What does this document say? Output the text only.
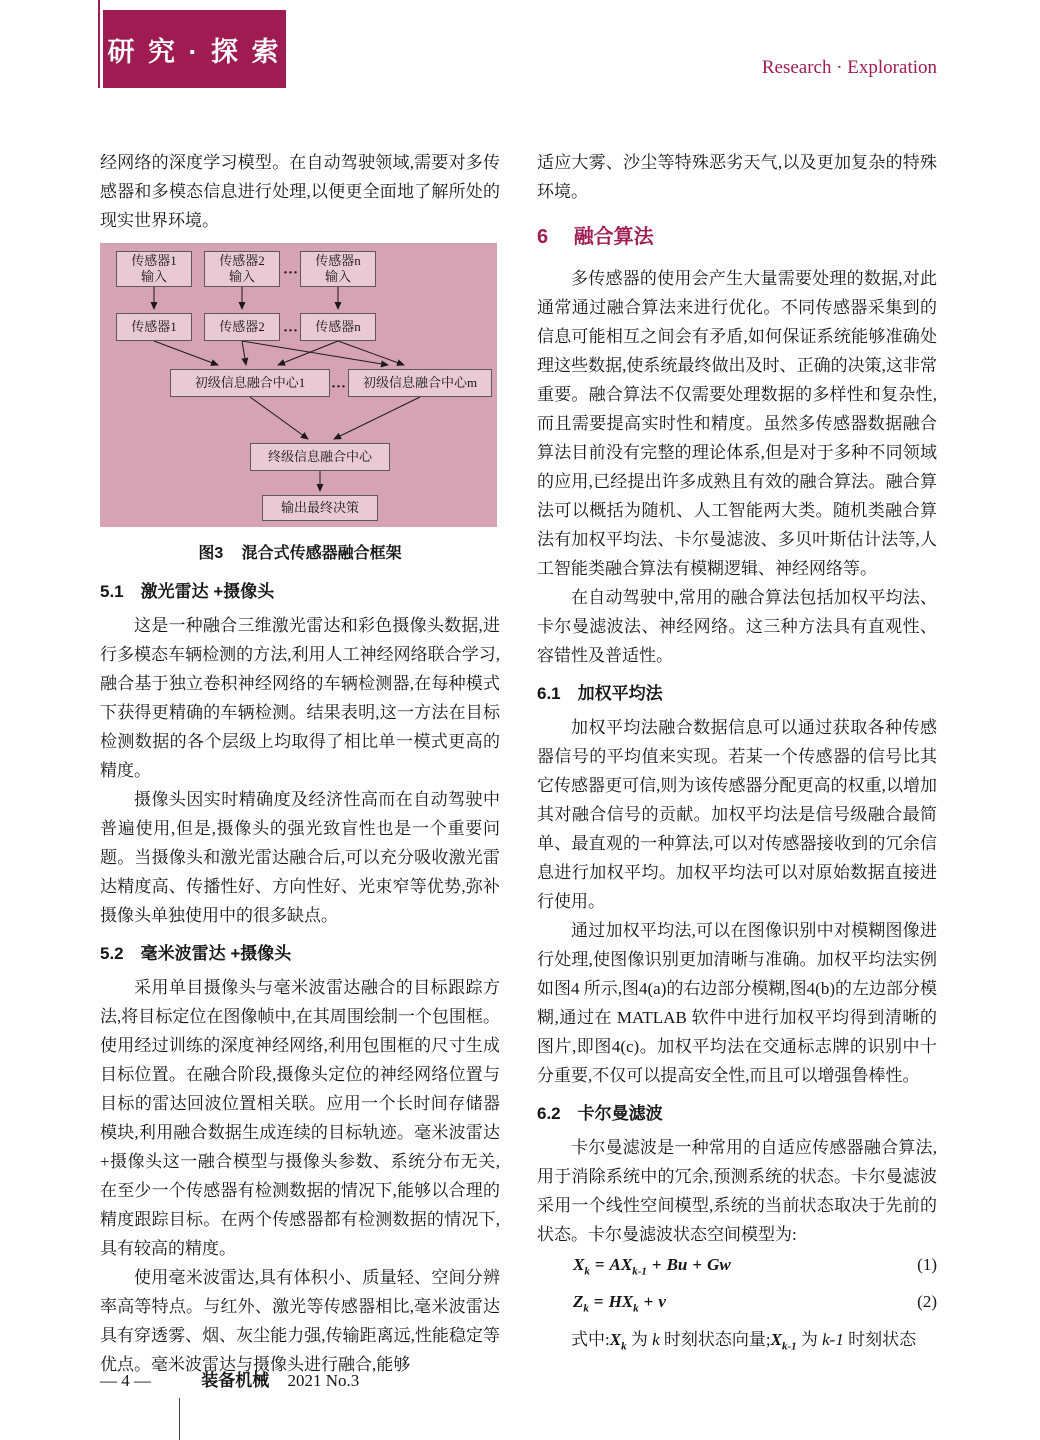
研 究 · 探 索
Research · Exploration

经网络的深度学习模型。在自动驾驶领域,需要对多传感器和多模态信息进行处理,以便更全面地了解所处的现实世界环境。

传感器1
输入
传感器2
输入 ···
传感器n
输入
传感器1	传感器2	···	传感器n
初级信息融合中心1	···	初级信息融合中心m
终级信息融合中心
输出最终决策
图3 混合式传感器融合框架
5.1　激光雷达 +摄像头

这是一种融合三维激光雷达和彩色摄像头数据,进行多模态车辆检测的方法,利用人工神经网络联合学习,融合基于独立卷积神经网络的车辆检测器,在每种模式下获得更精确的车辆检测。结果表明,这一方法在目标检测数据的各个层级上均取得了相比单一模式更高的精度。

摄像头因实时精确度及经济性高而在自动驾驶中普遍使用,但是,摄像头的强光致盲性也是一个重要问题。当摄像头和激光雷达融合后,可以充分吸收激光雷达精度高、传播性好、方向性好、光束窄等优势,弥补摄像头单独使用中的很多缺点。

5.2　毫米波雷达 +摄像头

采用单目摄像头与毫米波雷达融合的目标跟踪方法,将目标定位在图像帧中,在其周围绘制一个包围框。使用经过训练的深度神经网络,利用包围框的尺寸生成目标位置。在融合阶段,摄像头定位的神经网络位置与目标的雷达回波位置相关联。应用一个长时间存储器模块,利用融合数据生成连续的目标轨迹。毫米波雷达 +摄像头这一融合模型与摄像头参数、系统分布无关,在至少一个传感器有检测数据的情况下,能够以合理的精度跟踪目标。在两个传感器都有检测数据的情况下,具有较高的精度。

使用毫米波雷达,具有体积小、质量轻、空间分辨率高等特点。与红外、激光等传感器相比,毫米波雷达具有穿透雾、烟、灰尘能力强,传输距离远,性能稳定等优点。毫米波雷达与摄像头进行融合,能够

适应大雾、沙尘等特殊恶劣天气,以及更加复杂的特殊环境。

6 融合算法

多传感器的使用会产生大量需要处理的数据,对此通常通过融合算法来进行优化。不同传感器采集到的信息可能相互之间会有矛盾,如何保证系统能够准确处理这些数据,使系统最终做出及时、正确的决策,这非常重要。融合算法不仅需要处理数据的多样性和复杂性,而且需要提高实时性和精度。虽然多传感器数据融合算法目前没有完整的理论体系,但是对于多种不同领域的应用,已经提出许多成熟且有效的融合算法。融合算法可以概括为随机、人工智能两大类。随机类融合算法有加权平均法、卡尔曼滤波、多贝叶斯估计法等,人工智能类融合算法有模糊逻辑、神经网络等。

在自动驾驶中,常用的融合算法包括加权平均法、卡尔曼滤波法、神经网络。这三种方法具有直观性、容错性及普适性。

6.1　加权平均法

加权平均法融合数据信息可以通过获取各种传感器信号的平均值来实现。若某一个传感器的信号比其它传感器更可信,则为该传感器分配更高的权重,以增加其对融合信号的贡献。加权平均法是信号级融合最简单、最直观的一种算法,可以对传感器接收到的冗余信息进行加权平均。加权平均法可以对原始数据直接进行使用。

通过加权平均法,可以在图像识别中对模糊图像进行处理,使图像识别更加清晰与准确。加权平均法实例如图4 所示,图4(a)的右边部分模糊,图4(b)的左边部分模糊,通过在 MATLAB 软件中进行加权平均得到清晰的图片,即图4(c)。加权平均法在交通标志牌的识别中十分重要,不仅可以提高安全性,而且可以增强鲁棒性。

6.2　卡尔曼滤波

卡尔曼滤波是一种常用的自适应传感器融合算法,用于消除系统中的冗余,预测系统的状态。卡尔曼滤波采用一个线性空间模型,系统的当前状态取决于先前的状态。卡尔曼滤波状态空间模型为:

$X_k = AX_{k-1} + Bu + Gw$	(1)
$Z_k = HX_k + v$	(2)

式中$:X_k$ 为 k 时刻状态向量$;X_{k-1}$ 为 k-1 时刻状态

— 4 —	装备机械 2021 No.3
